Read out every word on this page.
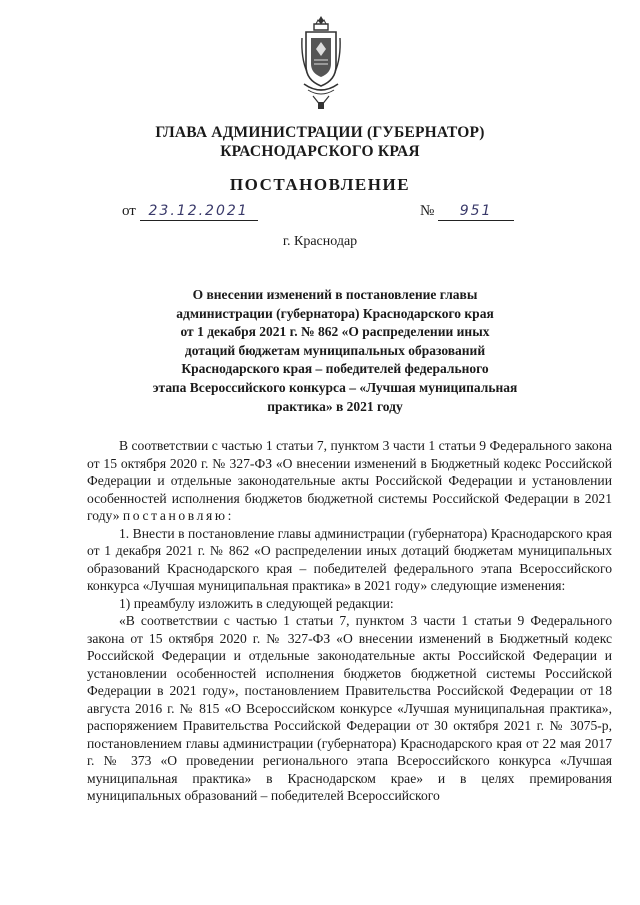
ГЛАВА АДМИНИСТРАЦИИ (ГУБЕРНАТОР)
КРАСНОДАРСКОГО КРАЯ
ПОСТАНОВЛЕНИЕ
от 23.12.2021	№ 951
г. Краснодар
О внесении изменений в постановление главы
администрации (губернатора) Краснодарского края
от 1 декабря 2021 г. № 862 «О распределении иных
дотаций бюджетам муниципальных образований
Краснодарского края – победителей федерального
этапа Всероссийского конкурса – «Лучшая муниципальная
практика» в 2021 году

В соответствии с частью 1 статьи 7, пунктом 3 части 1 статьи 9 Федерального закона от 15 октября 2020 г. № 327-ФЗ «О внесении изменений в Бюджетный кодекс Российской Федерации и отдельные законодательные акты Российской Федерации и установлении особенностей исполнения бюджетов бюджетной системы Российской Федерации в 2021 году» постановляю:

1. Внести в постановление главы администрации (губернатора) Краснодарского края от 1 декабря 2021 г. № 862 «О распределении иных дотаций бюджетам муниципальных образований Краснодарского края – победителей федерального этапа Всероссийского конкурса «Лучшая муниципальная практика» в 2021 году» следующие изменения:

1) преамбулу изложить в следующей редакции:

«В соответствии с частью 1 статьи 7, пунктом 3 части 1 статьи 9 Федерального закона от 15 октября 2020 г. № 327-ФЗ «О внесении изменений в Бюджетный кодекс Российской Федерации и отдельные законодательные акты Российской Федерации и установлении особенностей исполнения бюджетов бюджетной системы Российской Федерации в 2021 году», постановлением Правительства Российской Федерации от 18 августа 2016 г. № 815 «О Всероссийском конкурсе «Лучшая муниципальная практика», распоряжением Правительства Российской Федерации от 30 октября 2021 г. № 3075-р, постановлением главы администрации (губернатора) Краснодарского края от 22 мая 2017 г. № 373 «О проведении регионального этапа Всероссийского конкурса «Лучшая муниципальная практика» в Краснодарском крае» и в целях премирования муниципальных образований – победителей Всероссийского
